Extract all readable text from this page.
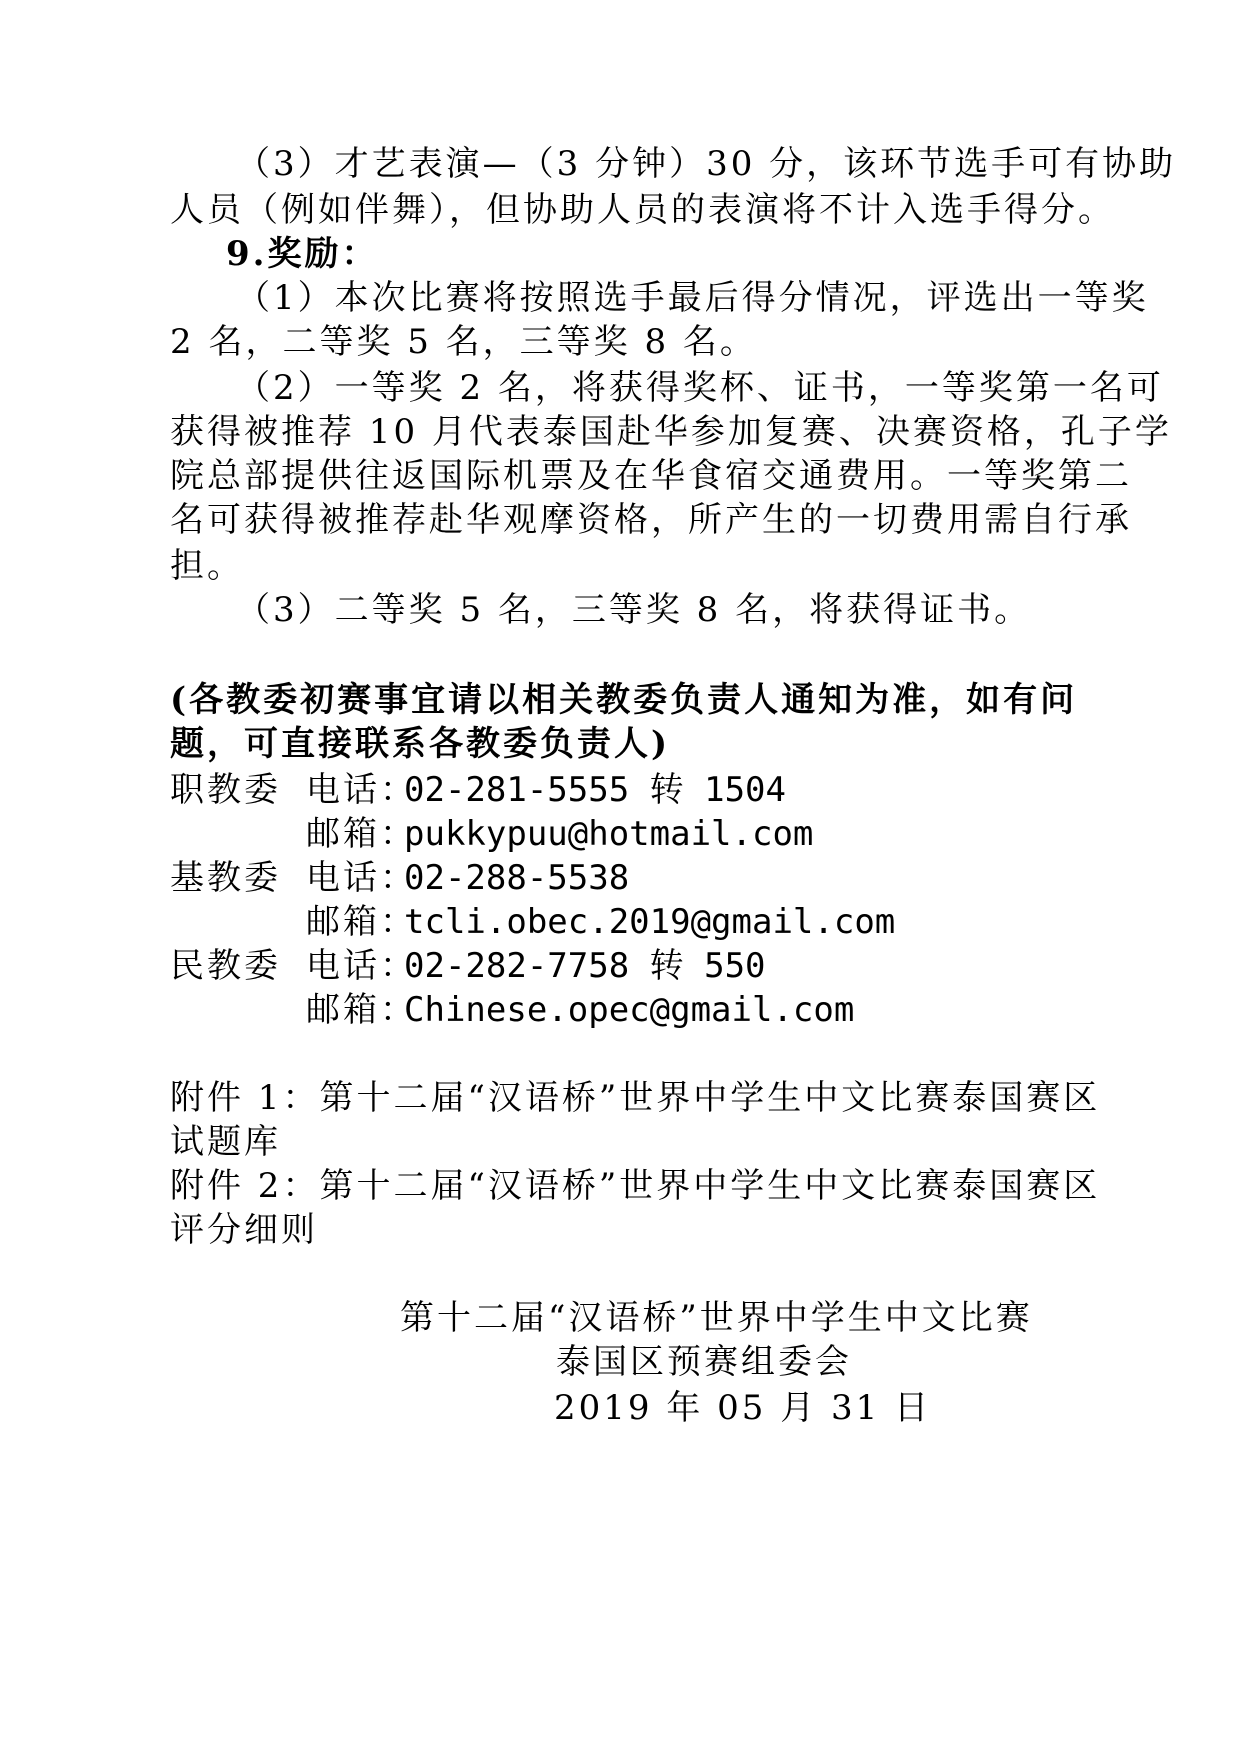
（3）才艺表演—（3 分钟）30 分，该环节选手可有协助
人员（例如伴舞），但协助人员的表演将不计入选手得分。
9.奖励：
（1）本次比赛将按照选手最后得分情况，评选出一等奖
2 名，二等奖 5 名，三等奖 8 名。
（2）一等奖 2 名，将获得奖杯、证书，一等奖第一名可
获得被推荐 10 月代表泰国赴华参加复赛、决赛资格，孔子学
院总部提供往返国际机票及在华食宿交通费用。一等奖第二
名可获得被推荐赴华观摩资格，所产生的一切费用需自行承
担。
（3）二等奖 5 名，三等奖 8 名，将获得证书。
(各教委初赛事宜请以相关教委负责人通知为准，如有问
题，可直接联系各教委负责人)
职教委 电话：
02-281-5555 转 1504
邮箱：
pukkypuu@hotmail.com
基教委 电话：
02-288-5538
邮箱：
tcli.obec.2019@gmail.com
民教委 电话：
02-282-7758 转 550
邮箱：
Chinese.opec@gmail.com
附件 1：第十二届“汉语桥”世界中学生中文比赛泰国赛区
试题库
附件 2：第十二届“汉语桥”世界中学生中文比赛泰国赛区
评分细则
第十二届“汉语桥”世界中学生中文比赛
泰国区预赛组委会
2019 年 05 月 31 日
